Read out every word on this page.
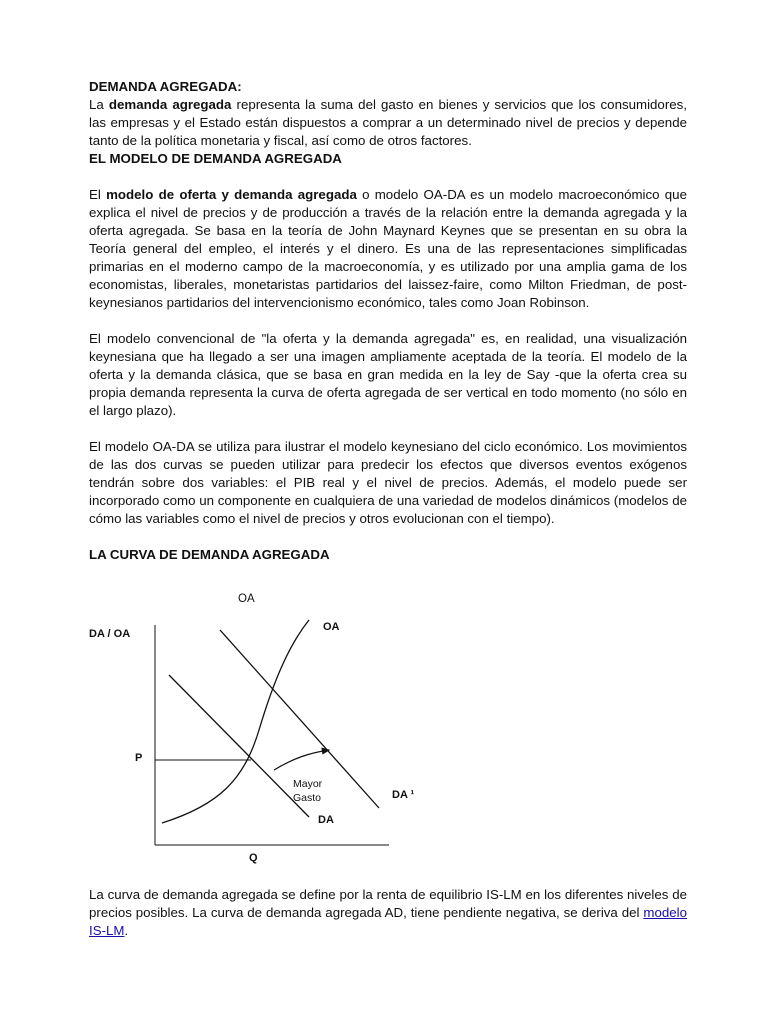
DEMANDA AGREGADA:

La demanda agregada representa la suma del gasto en bienes y servicios que los consumidores, las empresas y el Estado están dispuestos a comprar a un determinado nivel de precios y depende tanto de la política monetaria y fiscal, así como de otros factores.

EL MODELO DE DEMANDA AGREGADA

El modelo de oferta y demanda agregada o modelo OA-DA es un modelo macroeconómico que explica el nivel de precios y de producción a través de la relación entre la demanda agregada y la oferta agregada. Se basa en la teoría de John Maynard Keynes que se presentan en su obra la Teoría general del empleo, el interés y el dinero. Es una de las representaciones simplificadas primarias en el moderno campo de la macroeconomía, y es utilizado por una amplia gama de los economistas, liberales, monetaristas partidarios del laissez-faire, como Milton Friedman, de post-keynesianos partidarios del intervencionismo económico, tales como Joan Robinson.

El modelo convencional de "la oferta y la demanda agregada" es, en realidad, una visualización keynesiana que ha llegado a ser una imagen ampliamente aceptada de la teoría. El modelo de la oferta y la demanda clásica, que se basa en gran medida en la ley de Say -que la oferta crea su propia demanda representa la curva de oferta agregada de ser vertical en todo momento (no sólo en el largo plazo).

El modelo OA-DA se utiliza para ilustrar el modelo keynesiano del ciclo económico. Los movimientos de las dos curvas se pueden utilizar para predecir los efectos que diversos eventos exógenos tendrán sobre dos variables: el PIB real y el nivel de precios. Además, el modelo puede ser incorporado como un componente en cualquiera de una variedad de modelos dinámicos (modelos de cómo las variables como el nivel de precios y otros evolucionan con el tiempo).

LA CURVA DE DEMANDA AGREGADA

OA
DA / OA
OA
P
Mayor
Gasto	DA ¹
DA
Q

La curva de demanda agregada se define por la renta de equilibrio IS-LM en los diferentes niveles de precios posibles. La curva de demanda agregada AD, tiene pendiente negativa, se deriva del modelo IS-LM.
